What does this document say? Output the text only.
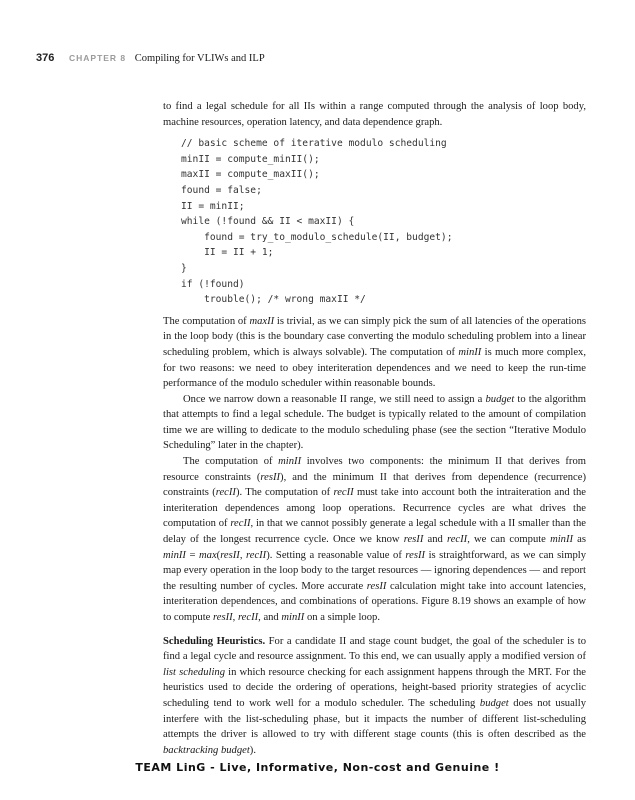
376 CHAPTER 8 Compiling for VLIWs and ILP

to find a legal schedule for all IIs within a range computed through the analysis of loop body, machine resources, operation latency, and data dependence graph.

// basic scheme of iterative modulo scheduling
minII = compute_minII();
maxII = compute_maxII();
found = false;
II = minII;
while (!found && II < maxII) {
found = try_to_modulo_schedule(II, budget);
II = II + 1;
}
if (!found)
trouble(); /* wrong maxII */

The computation of maxII is trivial, as we can simply pick the sum of all latencies of the operations in the loop body (this is the boundary case converting the modulo scheduling problem into a linear scheduling problem, which is always solvable). The computation of minII is much more complex, for two reasons: we need to obey interiteration dependences and we need to keep the run-time performance of the modulo scheduler within reasonable bounds.

Once we narrow down a reasonable II range, we still need to assign a budget to the algorithm that attempts to find a legal schedule. The budget is typically related to the amount of compilation time we are willing to dedicate to the modulo scheduling phase (see the section “Iterative Modulo Scheduling” later in the chapter).

The computation of minII involves two components: the minimum II that derives from resource constraints (resII), and the minimum II that derives from dependence (recurrence) constraints (recII). The computation of recII must take into account both the intraiteration and the interiteration dependences among loop operations. Recurrence cycles are what drives the computation of recII, in that we cannot possibly generate a legal schedule with a II smaller than the delay of the longest recurrence cycle. Once we know resII and recII, we can compute minII as minII = max(resII, recII). Setting a reasonable value of resII is straightforward, as we can simply map every operation in the loop body to the target resources — ignoring dependences — and report the resulting number of cycles. More accurate resII calculation might take into account latencies, interiteration dependences, and combinations of operations. Figure 8.19 shows an example of how to compute resII, recII, and minII on a simple loop.

Scheduling Heuristics. For a candidate II and stage count budget, the goal of the scheduler is to find a legal cycle and resource assignment. To this end, we can usually apply a modified version of list scheduling in which resource checking for each assignment happens through the MRT. For the heuristics used to decide the ordering of operations, height-based priority strategies of acyclic scheduling tend to work well for a modulo scheduler. The scheduling budget does not usually interfere with the list-scheduling phase, but it impacts the number of different list-scheduling attempts the driver is allowed to try with different stage counts (this is often described as the backtracking budget).

TEAM LinG - Live, Informative, Non-cost and Genuine !
